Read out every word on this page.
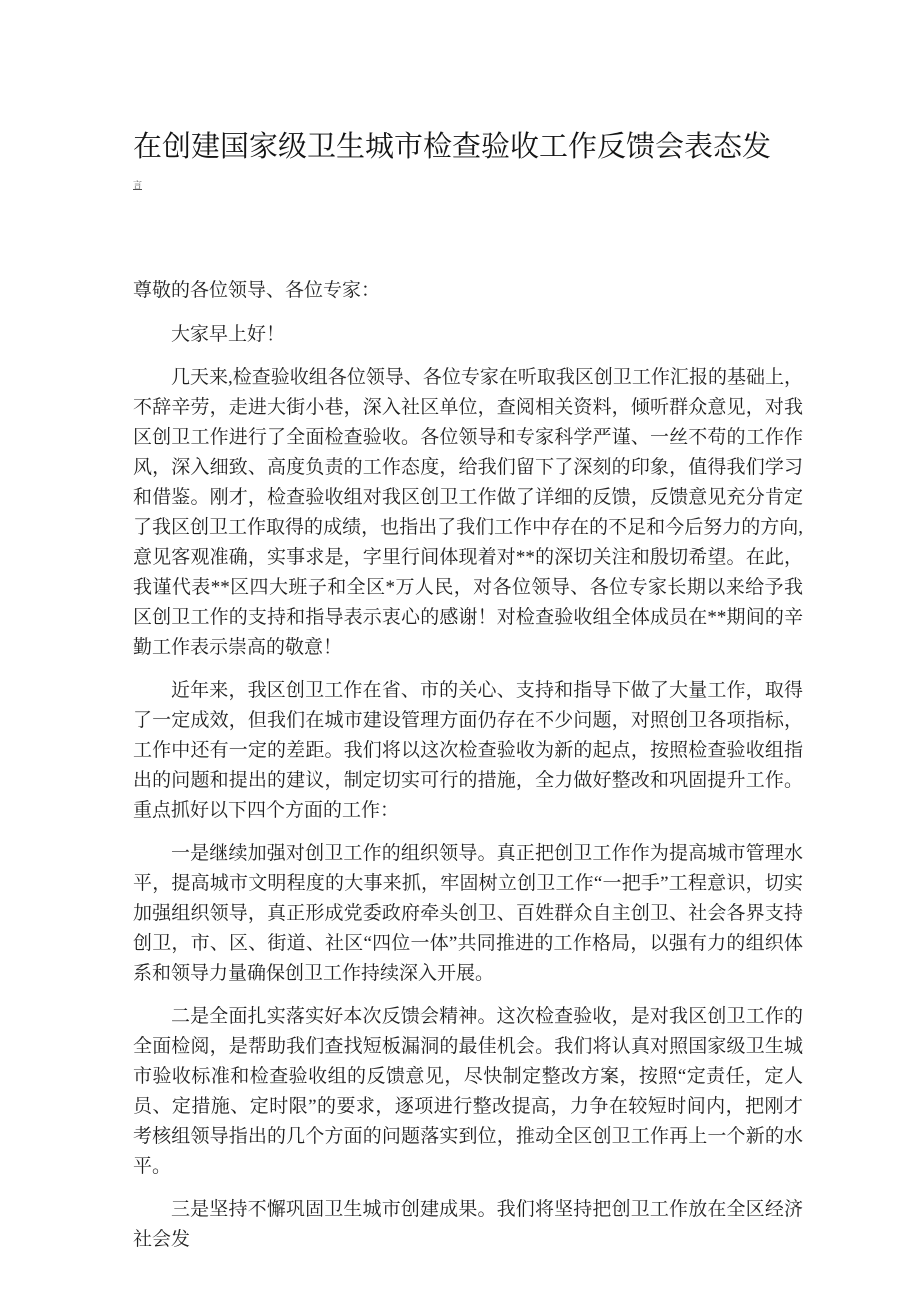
在创建国家级卫生城市检查验收工作反馈会表态发
言
尊敬的各位领导、各位专家：
大家早上好！
几天来,检查验收组各位领导、各位专家在听取我区创卫工作汇报的基础上，不辞辛劳，走进大街小巷，深入社区单位，查阅相关资料，倾听群众意见，对我区创卫工作进行了全面检查验收。各位领导和专家科学严谨、一丝不苟的工作作风，深入细致、高度负责的工作态度，给我们留下了深刻的印象，值得我们学习和借鉴。刚才，检查验收组对我区创卫工作做了详细的反馈，反馈意见充分肯定了我区创卫工作取得的成绩，也指出了我们工作中存在的不足和今后努力的方向,意见客观准确，实事求是，字里行间体现着对**的深切关注和殷切希望。在此，我谨代表**区四大班子和全区*万人民，对各位领导、各位专家长期以来给予我区创卫工作的支持和指导表示衷心的感谢！对检查验收组全体成员在**期间的辛勤工作表示崇高的敬意！
近年来，我区创卫工作在省、市的关心、支持和指导下做了大量工作，取得了一定成效，但我们在城市建设管理方面仍存在不少问题，对照创卫各项指标，工作中还有一定的差距。我们将以这次检查验收为新的起点，按照检查验收组指出的问题和提出的建议，制定切实可行的措施，全力做好整改和巩固提升工作。重点抓好以下四个方面的工作：
一是继续加强对创卫工作的组织领导。真正把创卫工作作为提高城市管理水平，提高城市文明程度的大事来抓，牢固树立创卫工作“一把手”工程意识，切实加强组织领导，真正形成党委政府牵头创卫、百姓群众自主创卫、社会各界支持创卫，市、区、街道、社区“四位一体”共同推进的工作格局，以强有力的组织体系和领导力量确保创卫工作持续深入开展。
二是全面扎实落实好本次反馈会精神。这次检查验收，是对我区创卫工作的全面检阅，是帮助我们查找短板漏洞的最佳机会。我们将认真对照国家级卫生城市验收标准和检查验收组的反馈意见，尽快制定整改方案，按照“定责任，定人员、定措施、定时限”的要求，逐项进行整改提高，力争在较短时间内，把刚才考核组领导指出的几个方面的问题落实到位，推动全区创卫工作再上一个新的水平。
三是坚持不懈巩固卫生城市创建成果。我们将坚持把创卫工作放在全区经济社会发
